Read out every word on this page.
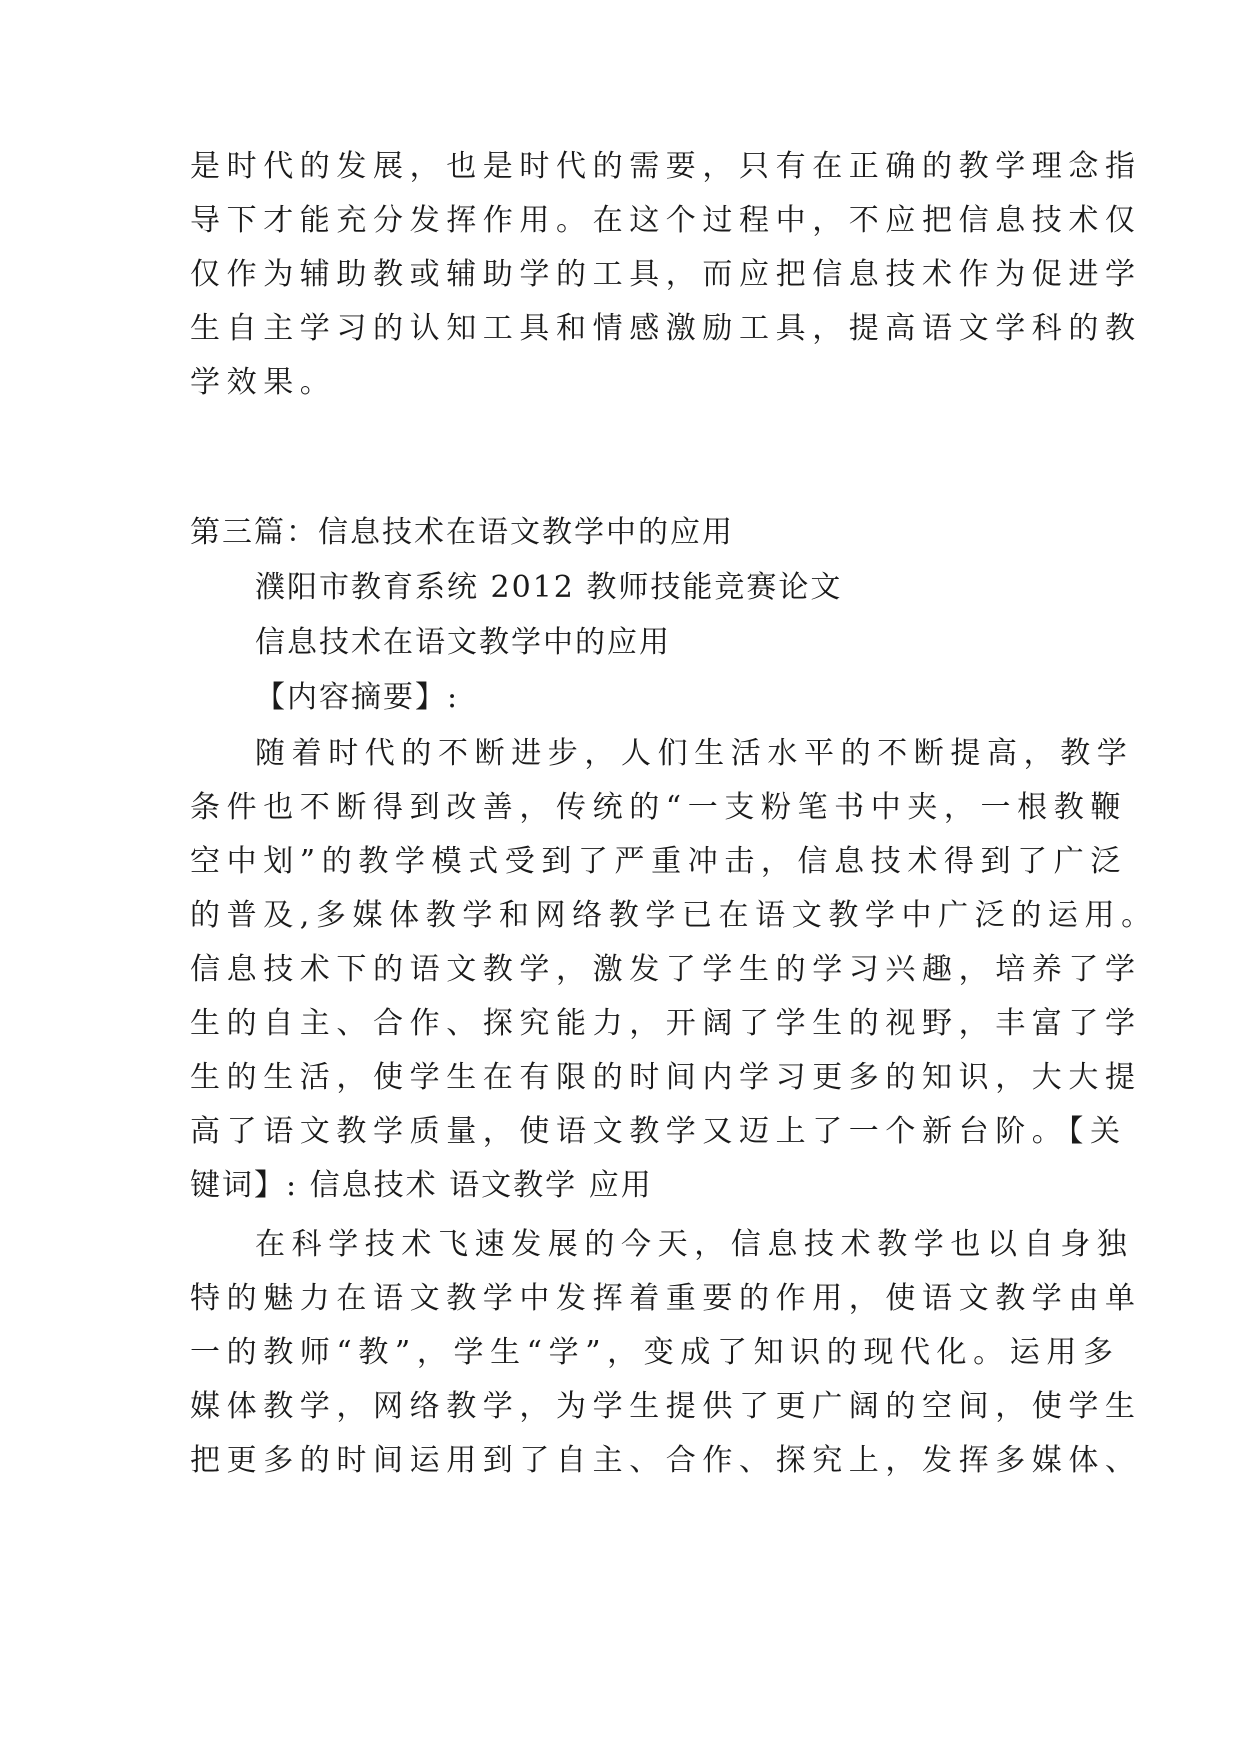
是时代的发展，也是时代的需要，只有在正确的教学理念指
导下才能充分发挥作用。在这个过程中，不应把信息技术仅
仅作为辅助教或辅助学的工具，而应把信息技术作为促进学
生自主学习的认知工具和情感激励工具，提高语文学科的教
学效果。
第三篇：信息技术在语文教学中的应用
濮阳市教育系统 2012 教师技能竞赛论文
信息技术在语文教学中的应用
【内容摘要】:
随着时代的不断进步，人们生活水平的不断提高，教学
条件也不断得到改善，传统的“一支粉笔书中夹，一根教鞭
空中划”的教学模式受到了严重冲击，信息技术得到了广泛
的普及,多媒体教学和网络教学已在语文教学中广泛的运用。
信息技术下的语文教学，激发了学生的学习兴趣，培养了学
生的自主、合作、探究能力，开阔了学生的视野，丰富了学
生的生活，使学生在有限的时间内学习更多的知识，大大提
高了语文教学质量，使语文教学又迈上了一个新台阶。【关
键词】: 信息技术 语文教学 应用
在科学技术飞速发展的今天，信息技术教学也以自身独
特的魅力在语文教学中发挥着重要的作用，使语文教学由单
一的教师“教”，学生“学”，变成了知识的现代化。运用多
媒体教学，网络教学，为学生提供了更广阔的空间，使学生
把更多的时间运用到了自主、合作、探究上，发挥多媒体、
